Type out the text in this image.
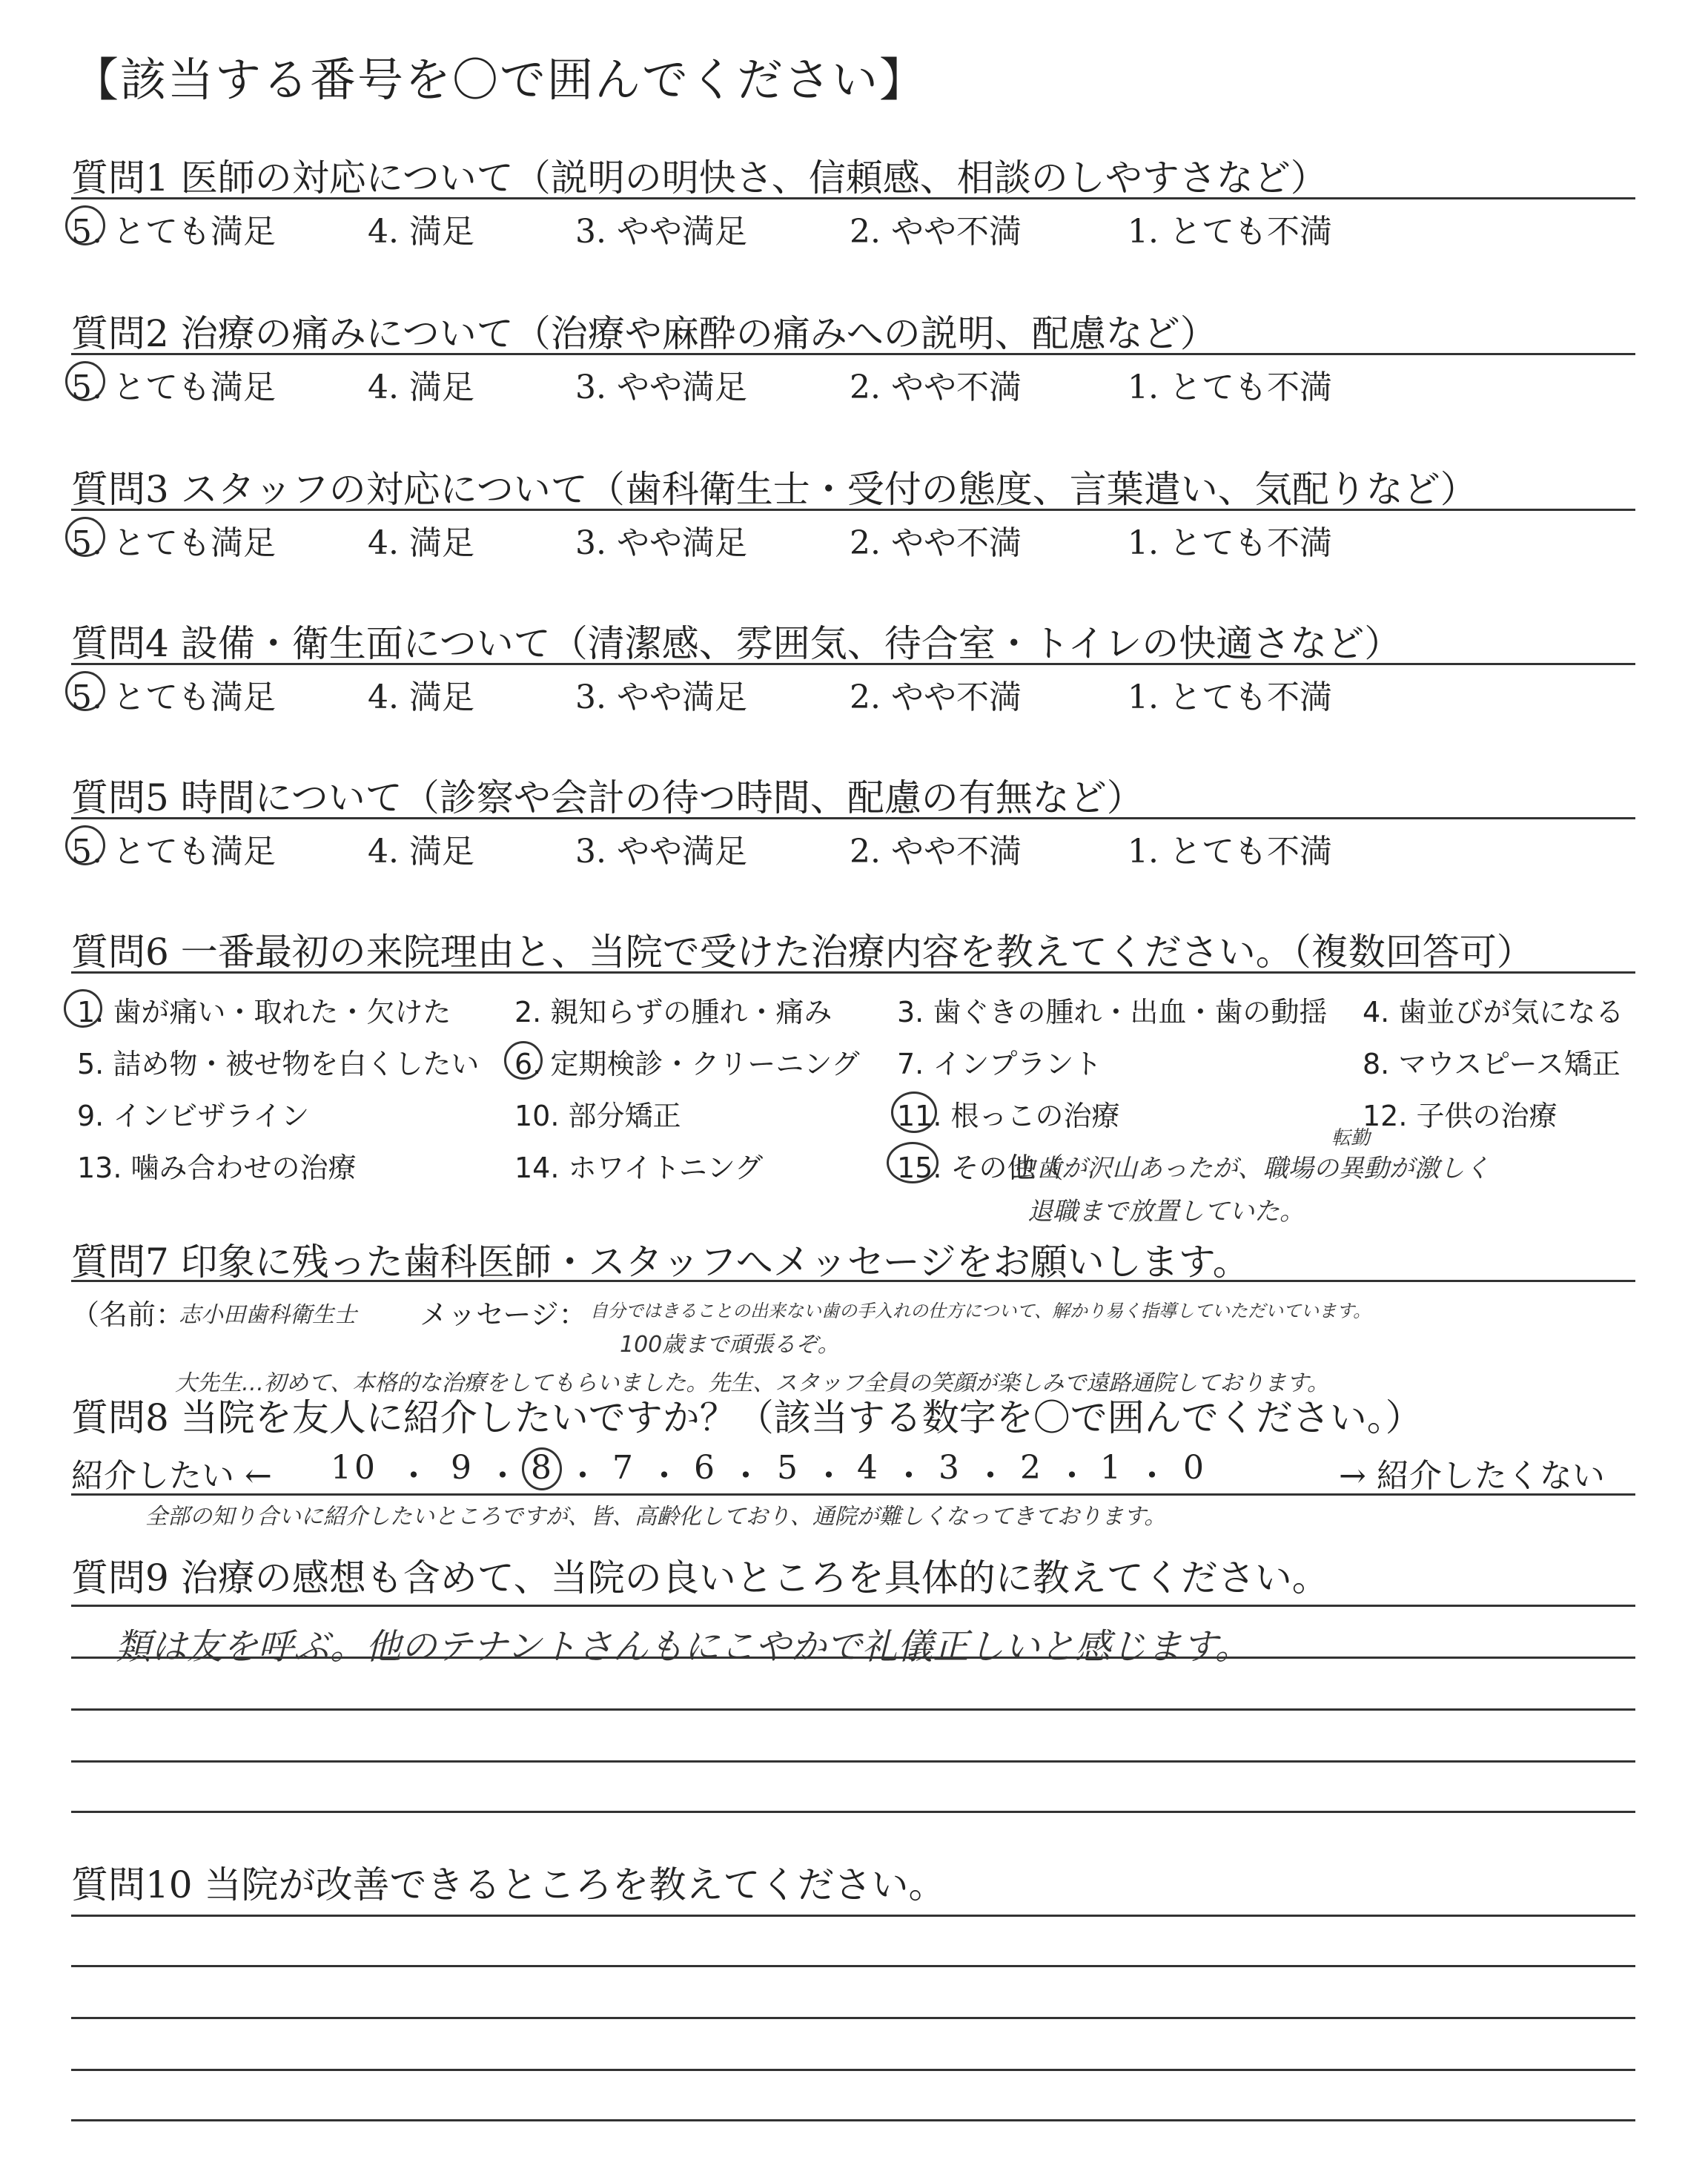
【該当する番号を〇で囲んでください】
質問1 医師の対応について（説明の明快さ、信頼感、相談のしやすさなど）
5. とても満足	4. 満足	3. やや満足	2. やや不満	1. とても不満
質問2 治療の痛みについて（治療や麻酔の痛みへの説明、配慮など）
5. とても満足	4. 満足	3. やや満足	2. やや不満	1. とても不満
質問3 スタッフの対応について（歯科衛生士・受付の態度、言葉遣い、気配りなど）
5. とても満足	4. 満足	3. やや満足	2. やや不満	1. とても不満
質問4 設備・衛生面について（清潔感、雰囲気、待合室・トイレの快適さなど）
5. とても満足	4. 満足	3. やや満足	2. やや不満	1. とても不満
質問5 時間について（診察や会計の待つ時間、配慮の有無など）
5. とても満足	4. 満足	3. やや満足	2. やや不満	1. とても不満
質問6 一番最初の来院理由と、当院で受けた治療内容を教えてください。（複数回答可）
1. 歯が痛い・取れた・欠けた 2. 親知らずの腫れ・痛み 3. 歯ぐきの腫れ・出血・歯の動揺 4. 歯並びが気になる
5. 詰め物・被せ物を白くしたい 6. 定期検診・クリーニング 7. インプラント	8. マウスピース矯正
9. インビザライン	10. 部分矯正	11. 根っこの治療	12. 子供の治療
13. 噛み合わせの治療	14. ホワイトニング	15. その他（
転勤
虫歯が沢山あったが、職場の異動が激しく
退職まで放置していた。
質問7 印象に残った歯科医師・スタッフへメッセージをお願いします。
（名前：
志小田歯科衛生士 メッセージ： 自分ではきることの出来ない歯の手入れの仕方について、解かり易く指導していただいています。
100歳まで頑張るぞ。
大先生…初めて、本格的な治療をしてもらいました。先生、スタッフ全員の笑顔が楽しみで遠路通院しております。
質問8 当院を友人に紹介したいですか？（該当する数字を〇で囲んでください。）
紹介したい ← 10 ・ 9 ・ 8 ・ 7 ・ 6 ・ 5 ・ 4 ・ 3 ・ 2 ・ 1 ・ 0	→ 紹介したくない
全部の知り合いに紹介したいところですが、皆、高齢化しており、通院が難しくなってきております。
質問9 治療の感想も含めて、当院の良いところを具体的に教えてください。
類は友を呼ぶ。他のテナントさんもにこやかで礼儀正しいと感じます。
質問10 当院が改善できるところを教えてください。
